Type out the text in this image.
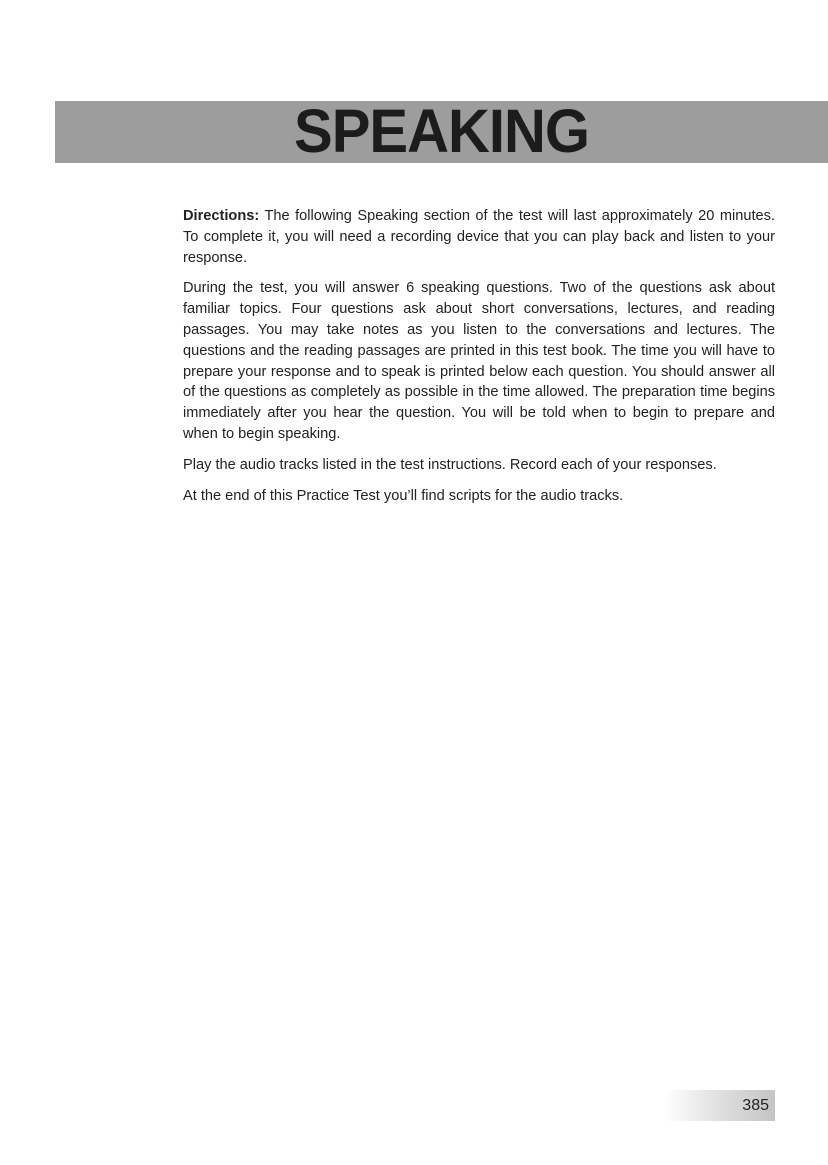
SPEAKING

Directions: The following Speaking section of the test will last approximately 20 minutes. To complete it, you will need a recording device that you can play back and listen to your response.

During the test, you will answer 6 speaking questions. Two of the questions ask about familiar topics. Four questions ask about short conversations, lectures, and reading passages. You may take notes as you listen to the conversations and lectures. The questions and the reading passages are printed in this test book. The time you will have to prepare your response and to speak is printed below each question. You should answer all of the questions as completely as possible in the time allowed. The preparation time begins immediately after you hear the question. You will be told when to begin to prepare and when to begin speaking.

Play the audio tracks listed in the test instructions. Record each of your responses.

At the end of this Practice Test you’ll find scripts for the audio tracks.

385
